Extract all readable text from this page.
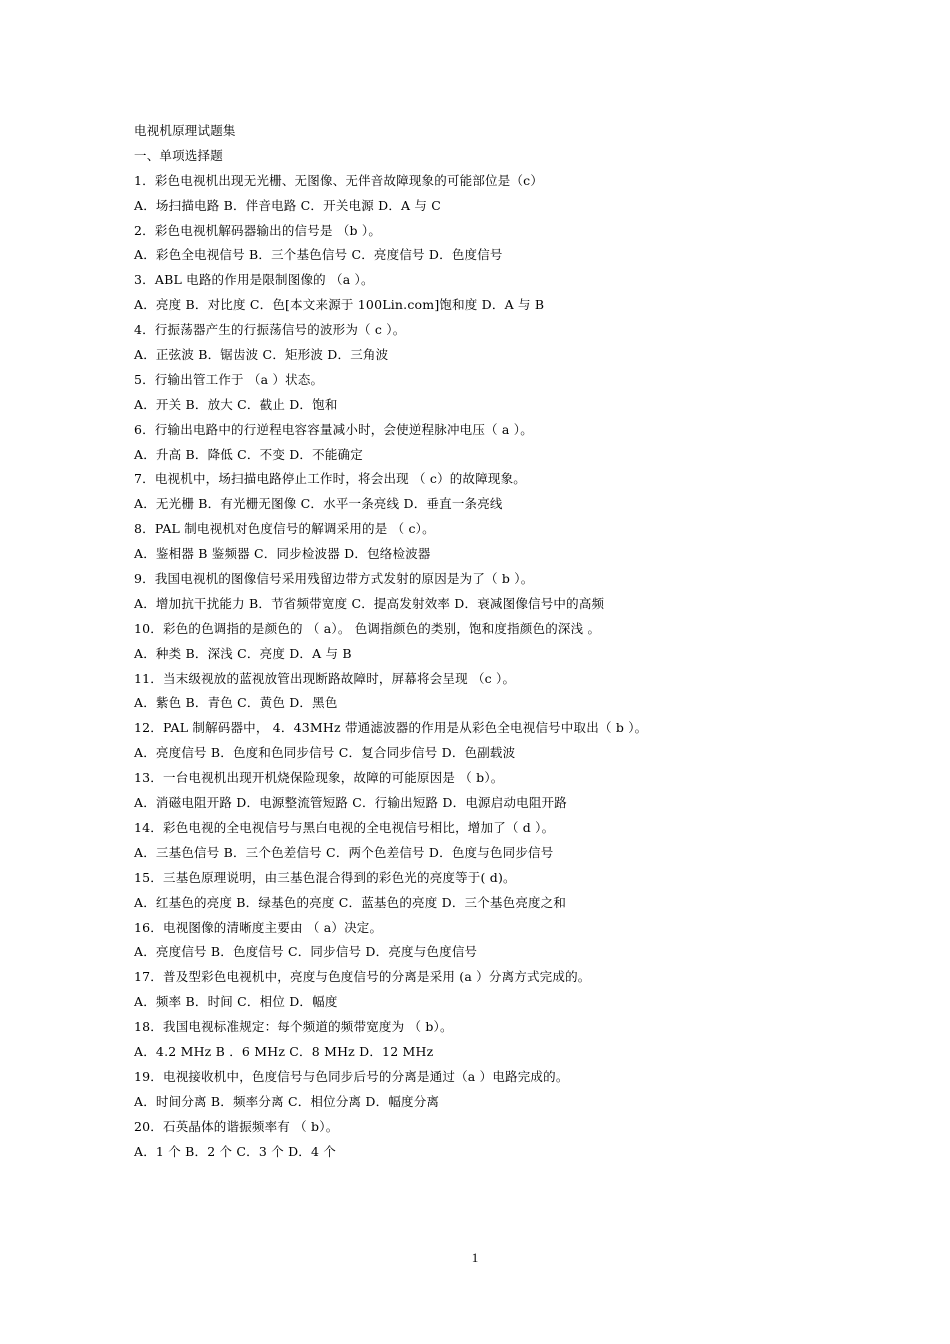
电视机原理试题集
一、单项选择题
1．彩色电视机出现无光栅、无图像、无伴音故障现象的可能部位是（c）
A．场扫描电路 B．伴音电路 C．开关电源 D．A 与 C
2．彩色电视机解码器输出的信号是 （b ）。
A．彩色全电视信号 B．三个基色信号 C．亮度信号 D．色度信号
3．ABL 电路的作用是限制图像的 （a ）。
A．亮度 B．对比度 C．色[本文来源于 100Lin.com]饱和度 D．A 与 B
4．行振荡器产生的行振荡信号的波形为（ c ）。
A．正弦波 B．锯齿波 C．矩形波 D．三角波
5．行输出管工作于 （a ）状态。
A．开关 B．放大 C．截止 D．饱和
6．行输出电路中的行逆程电容容量减小时，会使逆程脉冲电压（ a ）。
A．升高 B．降低 C．不变 D．不能确定
7．电视机中，场扫描电路停止工作时，将会出现 （ c）的故障现象。
A．无光栅 B．有光栅无图像 C．水平一条亮线 D．垂直一条亮线
8．PAL 制电视机对色度信号的解调采用的是 （ c）。
A．鉴相器 B 鉴频器 C．同步检波器 D．包络检波器
9．我国电视机的图像信号采用残留边带方式发射的原因是为了（ b ）。
A．增加抗干扰能力 B．节省频带宽度 C．提高发射效率 D．衰减图像信号中的高频
10．彩色的色调指的是颜色的 （ a）。 色调指颜色的类别，饱和度指颜色的深浅 。
A．种类 B．深浅 C．亮度 D．A 与 B
11．当末级视放的蓝视放管出现断路故障时，屏幕将会呈现 （c ）。
A．紫色 B．青色 C．黄色 D．黑色
12．PAL 制解码器中， 4．43MHz 带通滤波器的作用是从彩色全电视信号中取出（ b ）。
A．亮度信号 B．色度和色同步信号 C．复合同步信号 D．色副载波
13．一台电视机出现开机烧保险现象，故障的可能原因是 （ b）。
A．消磁电阻开路 D．电源整流管短路 C．行输出短路 D．电源启动电阻开路
14．彩色电视的全电视信号与黑白电视的全电视信号相比，增加了（ d ）。
A．三基色信号 B．三个色差信号 C．两个色差信号 D．色度与色同步信号
15．三基色原理说明，由三基色混合得到的彩色光的亮度等于( d)。
A．红基色的亮度 B．绿基色的亮度 C．蓝基色的亮度 D．三个基色亮度之和
16．电视图像的清晰度主要由 （ a）决定。
A．亮度信号 B．色度信号 C．同步信号 D．亮度与色度信号
17．普及型彩色电视机中，亮度与色度信号的分离是采用 (a ）分离方式完成的。
A．频率 B．时间 C．相位 D．幅度
18．我国电视标准规定：每个频道的频带宽度为 （ b）。
A．4.2 MHz B ．6 MHz C．8 MHz D．12 MHz
19．电视接收机中，色度信号与色同步后号的分离是通过（a ）电路完成的。
A．时间分离 B．频率分离 C．相位分离 D．幅度分离
20．石英晶体的谐振频率有 （ b）。
A．1 个 B．2 个 C．3 个 D．4 个
1
